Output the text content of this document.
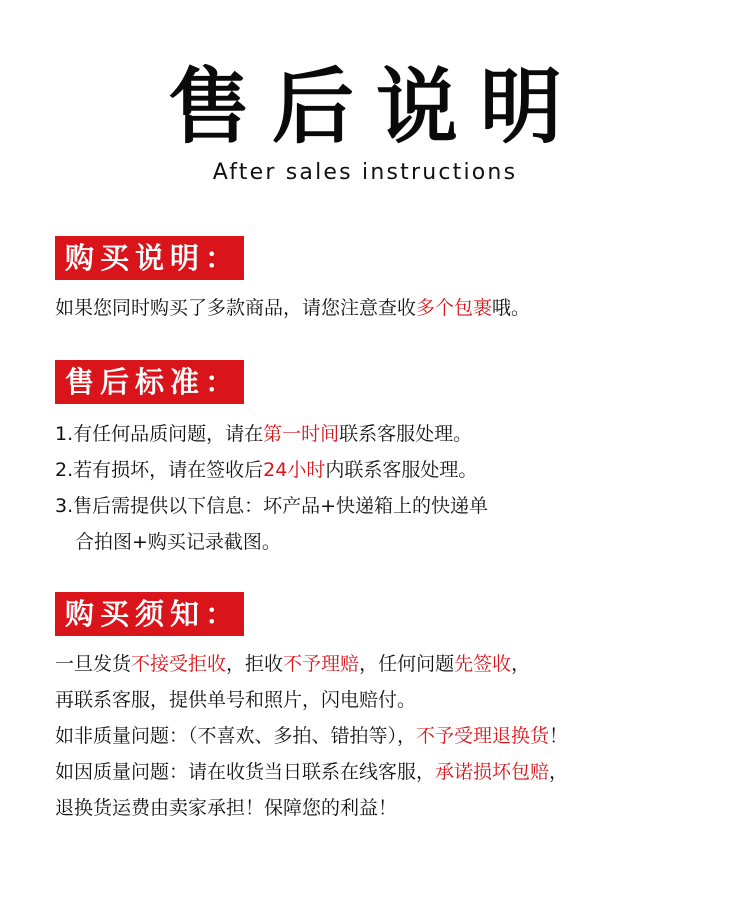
售后说明
After sales instructions
购买说明：
如果您同时购买了多款商品，请您注意查收多个包裹哦。
售后标准：
1.有任何品质问题，请在第一时间联系客服处理。
2.若有损坏，请在签收后24小时内联系客服处理。
3.售后需提供以下信息：坏产品+快递箱上的快递单
合拍图+购买记录截图。
购买须知：
一旦发货不接受拒收，拒收不予理赔，任何问题先签收，
再联系客服，提供单号和照片，闪电赔付。
如非质量问题：（不喜欢、多拍、错拍等），不予受理退换货！
如因质量问题：请在收货当日联系在线客服，承诺损坏包赔，
退换货运费由卖家承担！保障您的利益！
